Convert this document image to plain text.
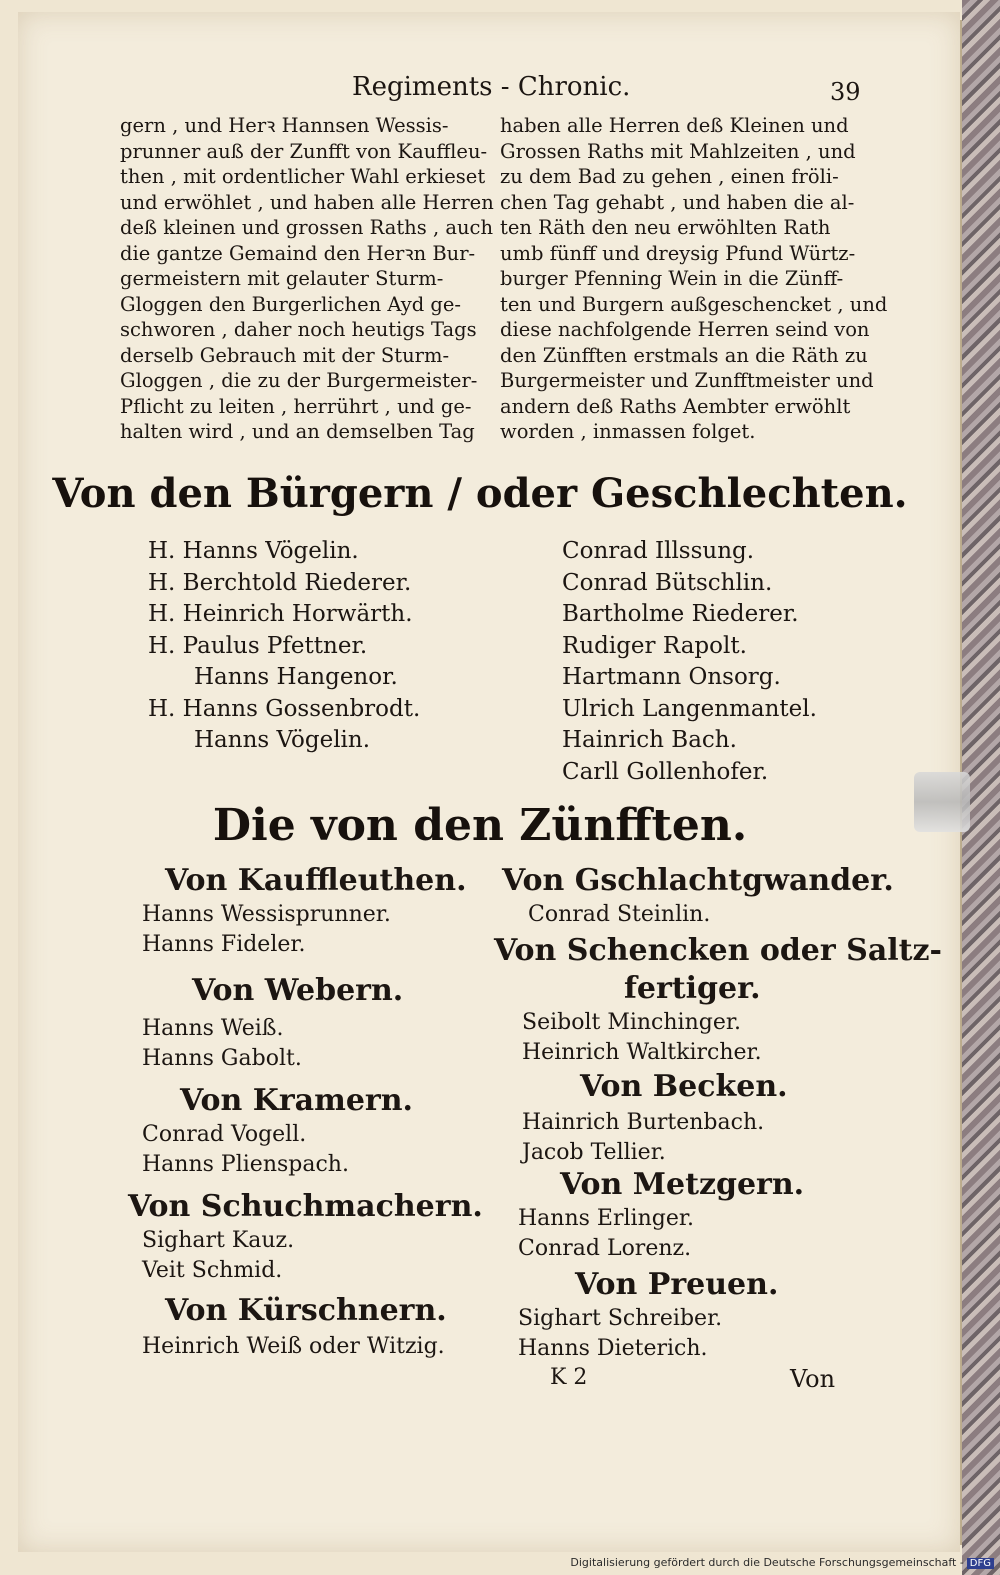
Regiments - Chronic.	39
gern , und Herꝛ Hannsen Wessis-
prunner auß der Zunfft von Kauffleu-
then , mit ordentlicher Wahl erkieset
und erwöhlet , und haben alle Herren
deß kleinen und grossen Raths , auch
die gantze Gemaind den Herꝛn Bur-
germeistern mit gelauter Sturm-
Gloggen den Burgerlichen Ayd ge-
schworen , daher noch heutigs Tags
derselb Gebrauch mit der Sturm-
Gloggen , die zu der Burgermeister-
Pflicht zu leiten , herrührt , und ge-
halten wird , und an demselben Tag
haben alle Herren deß Kleinen und
Grossen Raths mit Mahlzeiten , und
zu dem Bad zu gehen , einen fröli-
chen Tag gehabt , und haben die al-
ten Räth den neu erwöhlten Rath
umb fünff und dreysig Pfund Würtz-
burger Pfenning Wein in die Zünff-
ten und Burgern außgeschencket , und
diese nachfolgende Herren seind von
den Zünfften erstmals an die Räth zu
Burgermeister und Zunfftmeister und
andern deß Raths Aembter erwöhlt
worden , inmassen folget.
Von den Bürgern / oder Geschlechten.
H. Hanns Vögelin.
H. Berchtold Riederer.
H. Heinrich Horwärth.
H. Paulus Pfettner.
Hanns Hangenor.
H. Hanns Gossenbrodt.
Hanns Vögelin.
Conrad Illssung.
Conrad Bütschlin.
Bartholme Riederer.
Rudiger Rapolt.
Hartmann Onsorg.
Ulrich Langenmantel.
Hainrich Bach.
Carll Gollenhofer.
Die von den Zünfften.
Von Kauffleuthen.
Hanns Wessisprunner.
Hanns Fideler.
Von Webern.
Hanns Weiß.
Hanns Gabolt.
Von Kramern.
Conrad Vogell.
Hanns Plienspach.
Von Schuchmachern.
Sighart Kauz.
Veit Schmid.
Von Kürschnern.
Heinrich Weiß oder Witzig.
Von Gschlachtgwander.
Conrad Steinlin.
Von Schencken oder Saltz-
fertiger.
Seibolt Minchinger.
Heinrich Waltkircher.
Von Becken.
Hainrich Burtenbach.
Jacob Tellier.
Von Metzgern.
Hanns Erlinger.
Conrad Lorenz.
Von Preuen.
Sighart Schreiber.
Hanns Dieterich.
K 2	Von
Digitalisierung gefördert durch die Deutsche Forschungsgemeinschaft - DFG
